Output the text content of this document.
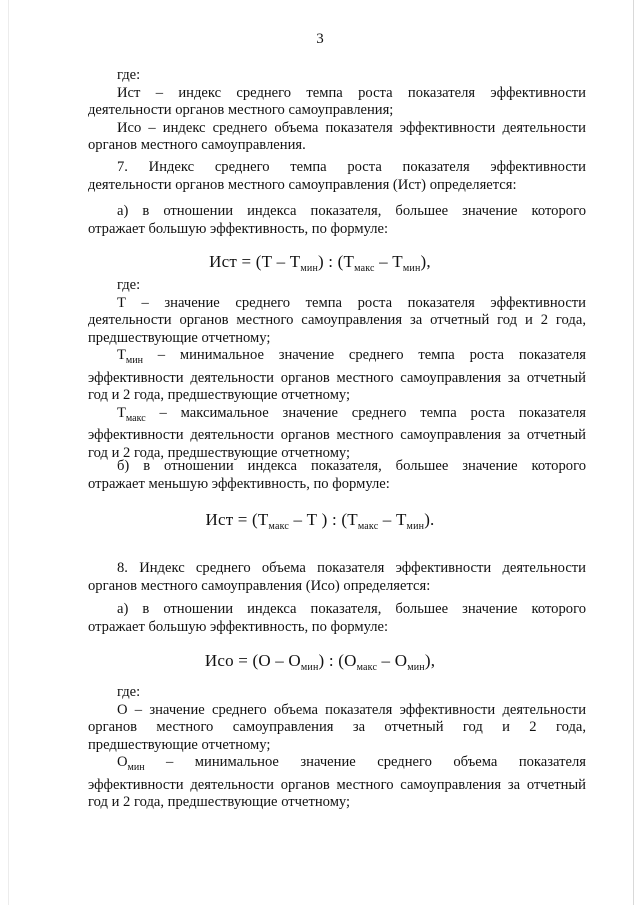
3
где:
Ист – индекс среднего темпа роста показателя эффективности
деятельности органов местного самоуправления;
Исо – индекс среднего объема показателя эффективности деятельности
органов местного самоуправления.
7. Индекс среднего темпа роста показателя эффективности
деятельности органов местного самоуправления (Ист) определяется:
а) в отношении индекса показателя, большее значение которого
отражает большую эффективность, по формуле:
Ист = $(Т - Т_{мин})$ : $(Т_{макс} - Т_{мин})$,
где:
Т – значение среднего темпа роста показателя эффективности
деятельности органов местного самоуправления за отчетный год и 2 года,
предшествующие отчетному;
$Т_{мин}$ – минимальное значение среднего темпа роста показателя
эффективности деятельности органов местного самоуправления за отчетный
год и 2 года, предшествующие отчетному;
$Т_{макс}$ – максимальное значение среднего темпа роста показателя
эффективности деятельности органов местного самоуправления за отчетный
год и 2 года, предшествующие отчетному;
б) в отношении индекса показателя, большее значение которого
отражает меньшую эффективность, по формуле:
Ист = ($Т_{макс}$ – Т ) : $(Т_{макс} - Т_{мин})$.
8. Индекс среднего объема показателя эффективности деятельности
органов местного самоуправления (Исо) определяется:
а) в отношении индекса показателя, большее значение которого
отражает большую эффективность, по формуле:
Исо = $(О - О_{мин})$ : $(О_{макс} - О_{мин})$,
где:
О – значение среднего объема показателя эффективности деятельности
органов местного самоуправления за отчетный год и 2 года,
предшествующие отчетному;
$О_{мин}$ – минимальное значение среднего объема показателя
эффективности деятельности органов местного самоуправления за отчетный
год и 2 года, предшествующие отчетному;
